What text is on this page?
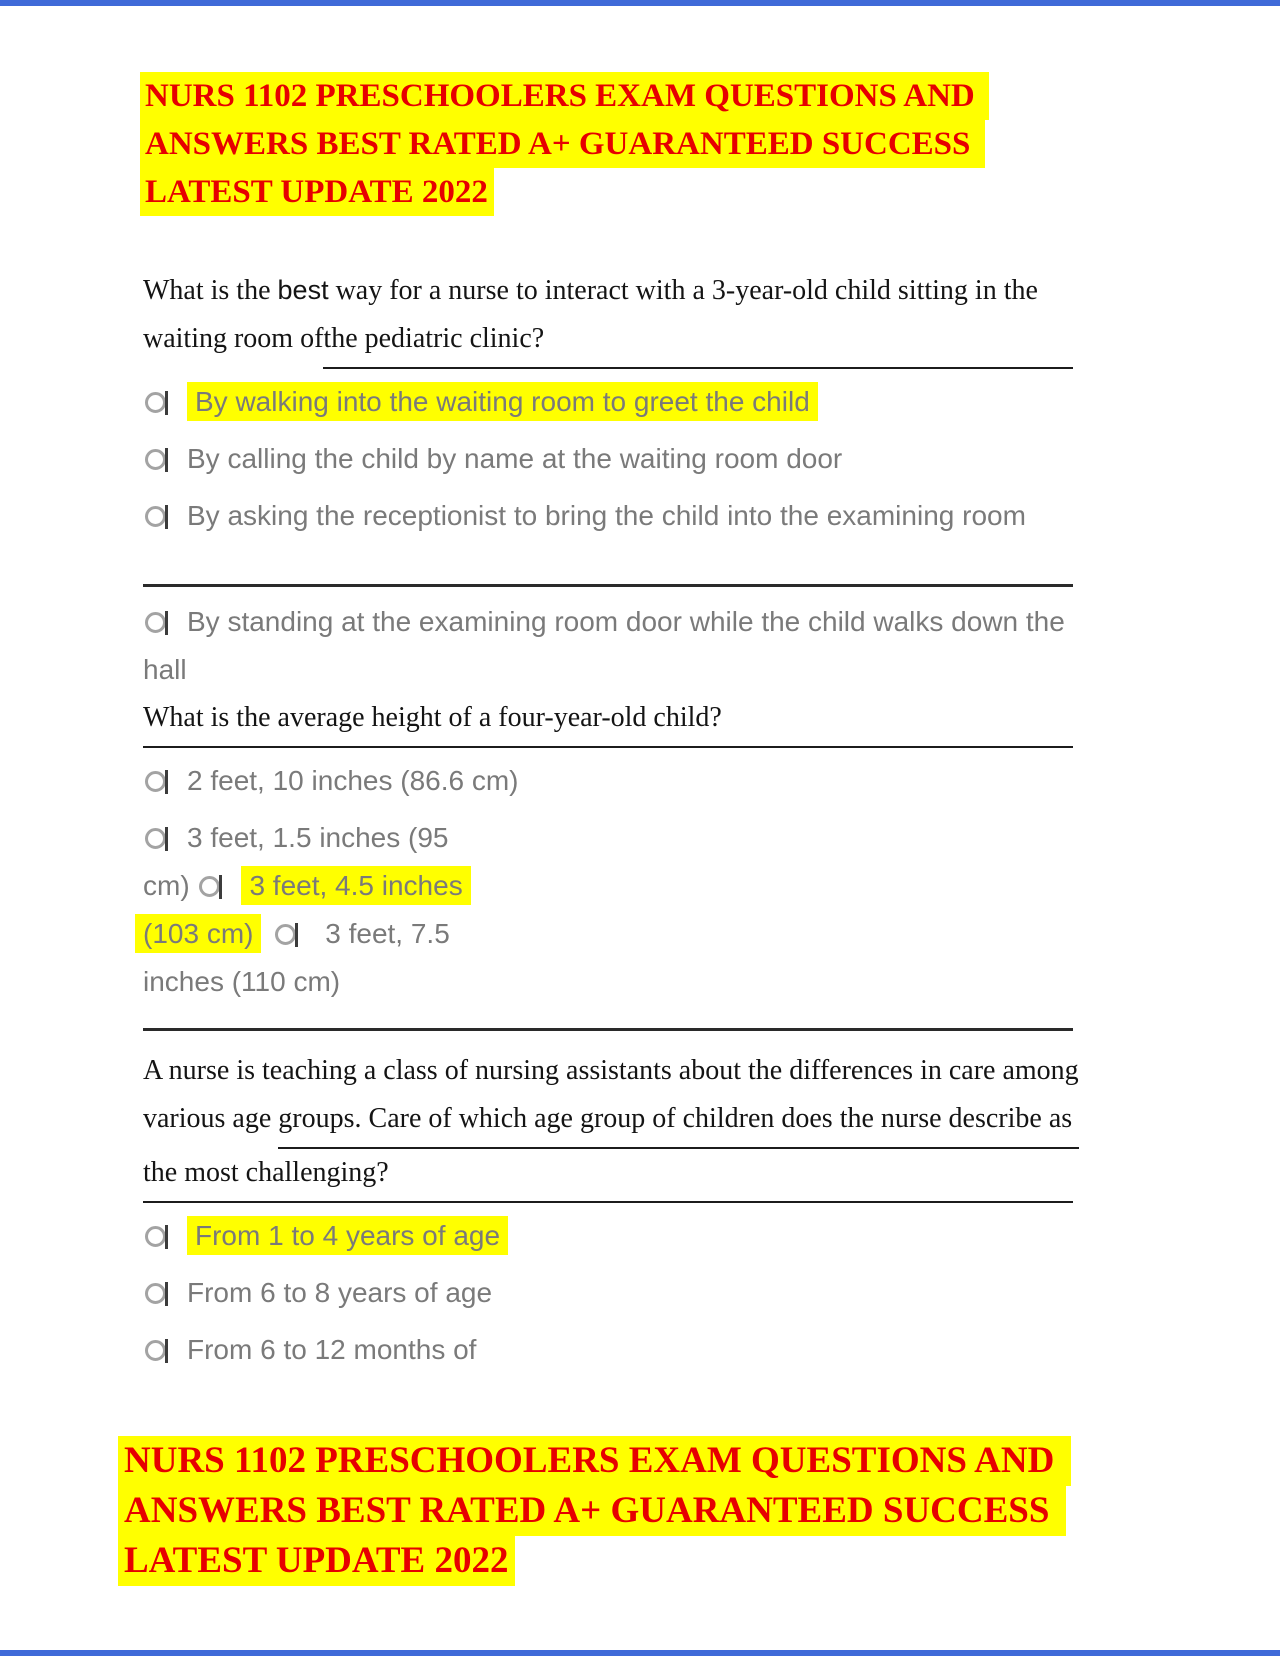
NURS 1102 PRESCHOOLERS EXAM QUESTIONS AND
ANSWERS BEST RATED A+ GUARANTEED SUCCESS
LATEST UPDATE 2022
What is the best way for a nurse to interact with a 3-year-old child sitting in the
waiting room of the pediatric clinic?
By walking into the waiting room to greet the child
By calling the child by name at the waiting room door
By asking the receptionist to bring the child into the examining room
By standing at the examining room door while the child walks down the
hall
What is the average height of a four-year-old child?
2 feet, 10 inches (86.6 cm)
3 feet, 1.5 inches (95
cm) 3 feet, 4.5 inches
(103 cm) 3 feet, 7.5
inches (110 cm)
A nurse is teaching a class of nursing assistants about the differences in care among
various age groups. Care of which age group of children does the nurse describe as
the most challenging?
From 1 to 4 years of age
From 6 to 8 years of age
From 6 to 12 months of
NURS 1102 PRESCHOOLERS EXAM QUESTIONS AND
ANSWERS BEST RATED A+ GUARANTEED SUCCESS
LATEST UPDATE 2022
